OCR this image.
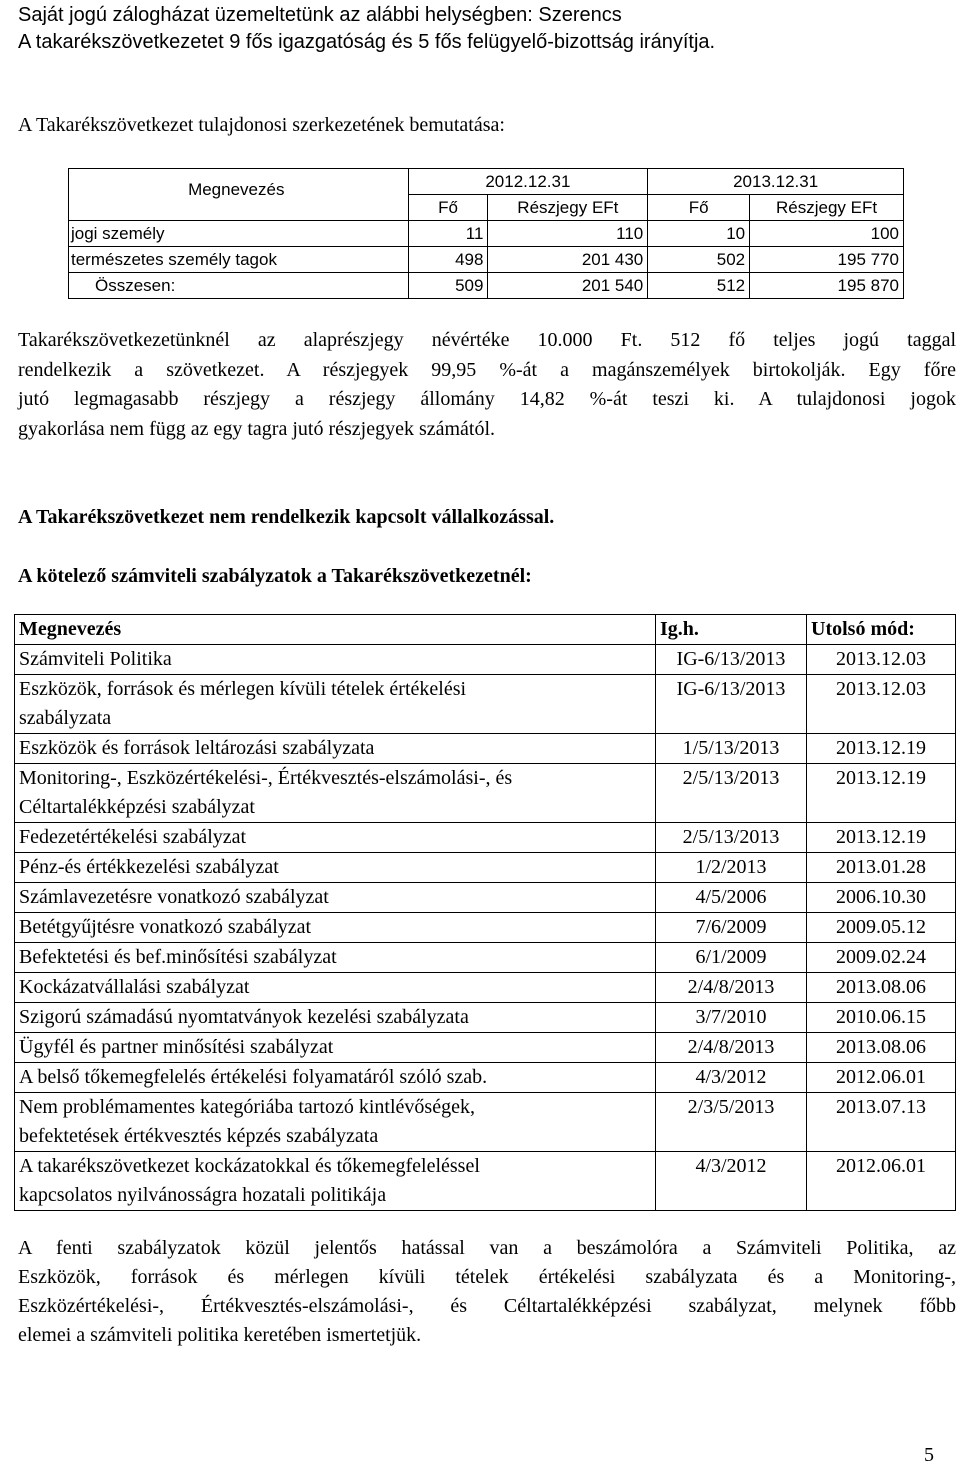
Saját jogú zálogházat üzemeltetünk az alábbi helységben: Szerencs
A takarékszövetkezetet 9 fős igazgatóság és 5 fős felügyelő-bizottság irányítja.
A Takarékszövetkezet tulajdonosi szerkezetének bemutatása:
Megnevezés	2012.12.31		2013.12.31	
	Fő	Részjegy EFt	Fő	Részjegy EFt
jogi személy	11	110	10	100
természetes személy tagok	498	201 430	502	195 770
Összesen:	509	201 540	512	195 870
Takarékszövetkezetünknél az alaprészjegy névértéke 10.000 Ft. 512 fő teljes jogú taggal
rendelkezik a szövetkezet. A részjegyek 99,95 %-át a magánszemélyek birtokolják. Egy főre
jutó legmagasabb részjegy a részjegy állomány 14,82 %-át teszi ki. A tulajdonosi jogok
gyakorlása nem függ az egy tagra jutó részjegyek számától.
A Takarékszövetkezet nem rendelkezik kapcsolt vállalkozással.
A kötelező számviteli szabályzatok a Takarékszövetkezetnél:
Megnevezés	Ig.h.	Utolsó mód:
Számviteli Politika	IG-6/13/2013	2013.12.03

Eszközök, források és mérlegen kívüli tételek értékelési
szabályzata	IG-6/13/2013	2013.12.03
Eszközök és források leltározási szabályzata	1/5/13/2013	2013.12.19

Monitoring-, Eszközértékelési-, Értékvesztés-elszámolási-, és
Céltartalékképzési szabályzat	2/5/13/2013	2013.12.19
Fedezetértékelési szabályzat	2/5/13/2013	2013.12.19
Pénz-és értékkezelési szabályzat	1/2/2013	2013.01.28
Számlavezetésre vonatkozó szabályzat	4/5/2006	2006.10.30
Betétgyűjtésre vonatkozó szabályzat	7/6/2009	2009.05.12
Befektetési és bef.minősítési szabályzat	6/1/2009	2009.02.24
Kockázatvállalási szabályzat	2/4/8/2013	2013.08.06
Szigorú számadású nyomtatványok kezelési szabályzata	3/7/2010	2010.06.15
Ügyfél és partner minősítési szabályzat	2/4/8/2013	2013.08.06
A belső tőkemegfelelés értékelési folyamatáról szóló szab.	4/3/2012	2012.06.01

Nem problémamentes kategóriába tartozó kintlévőségek,
befektetések értékvesztés képzés szabályzata	2/3/5/2013	2013.07.13

A takarékszövetkezet kockázatokkal és tőkemegfeleléssel
kapcsolatos nyilvánosságra hozatali politikája	4/3/2012	2012.06.01
A fenti szabályzatok közül jelentős hatással van a beszámolóra a Számviteli Politika, az
Eszközök, források és mérlegen kívüli tételek értékelési szabályzata és a Monitoring-,
Eszközértékelési-, Értékvesztés-elszámolási-, és Céltartalékképzési szabályzat, melynek főbb
elemei a számviteli politika keretében ismertetjük.
5
